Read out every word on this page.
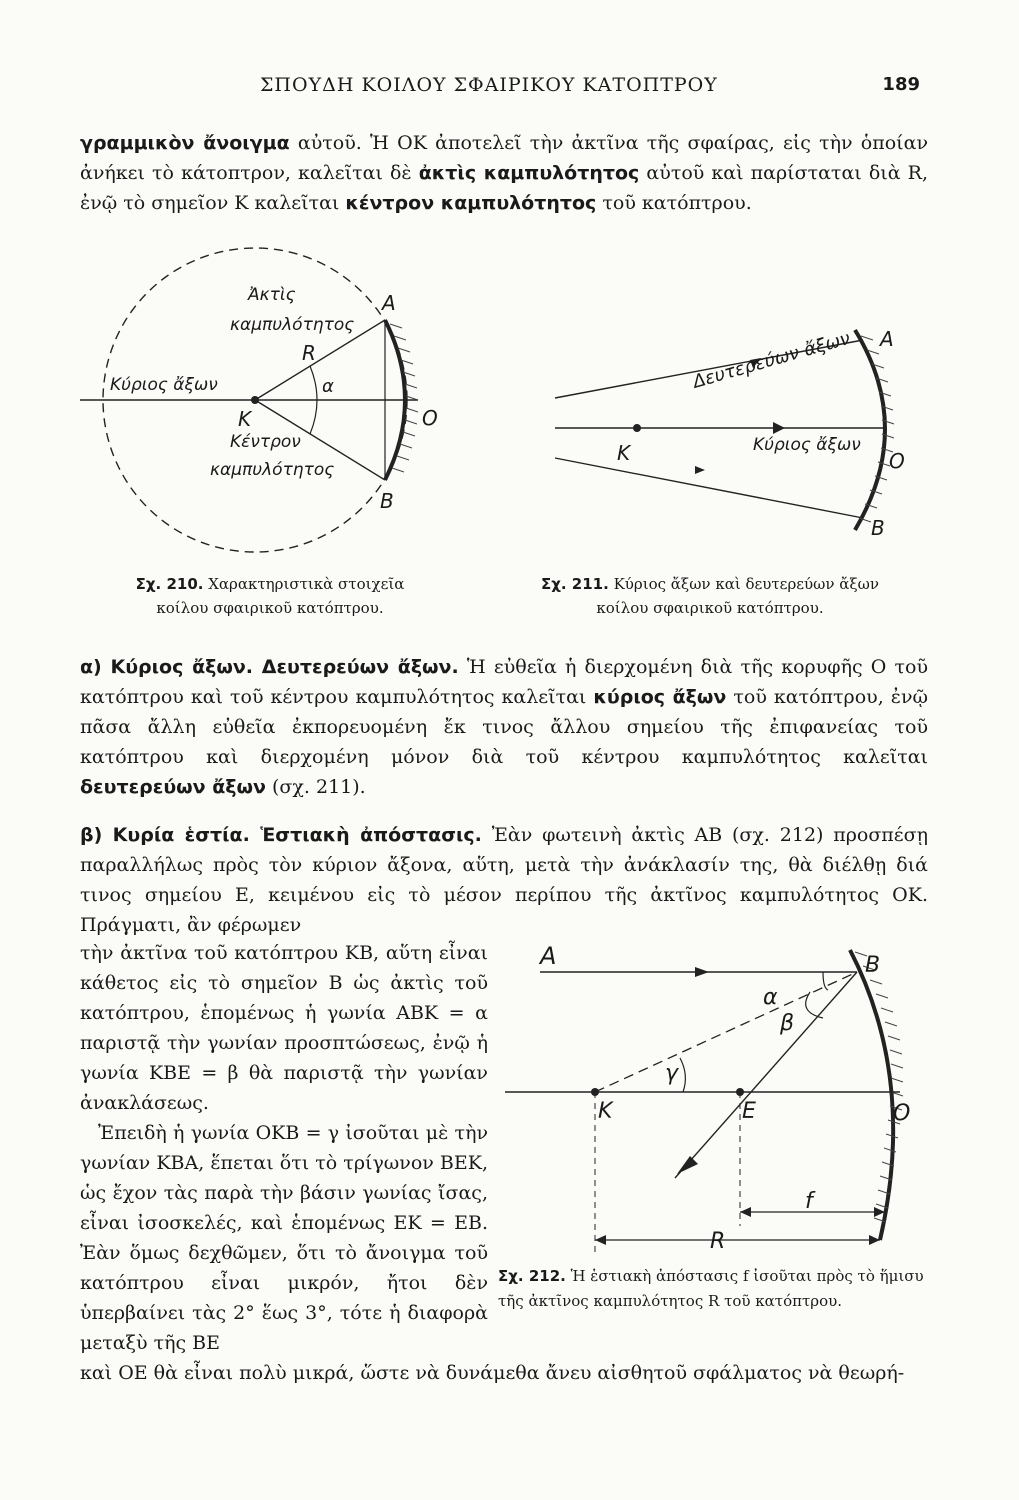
ΣΠΟΥΔΗ ΚΟΙΛΟΥ ΣΦΑΙΡΙΚΟΥ ΚΑΤΟΠΤΡΟΥ	189
γραμμικὸν ἄνοιγμα αὐτοῦ. Ἡ ΟΚ ἀποτελεῖ τὴν ἀκτῖνα τῆς σφαίρας, εἰς τὴν ὁποίαν ἀνήκει τὸ κάτοπτρον, καλεῖται δὲ ἀκτὶς καμπυλότητος αὐτοῦ καὶ παρίσταται διὰ R, ἐνῷ τὸ σημεῖον Κ καλεῖται κέντρον καμπυλότητος τοῦ κατόπτρου.
Ἀκτὶς
καμπυλότητος
R
Κύριος ἄξων	α
Κ
Κέντρον
καμπυλότητος
Α
Ο
Β
Δευτερεύων ἄξων
Κύριος ἄξων
Κ
Α
Ο
Β
Σχ. 210. Χαρακτηριστικὰ στοιχεῖα
κοίλου σφαιρικοῦ κατόπτρου.
Σχ. 211. Κύριος ἄξων καὶ δευτερεύων ἄξων
κοίλου σφαιρικοῦ κατόπτρου.
α) Κύριος ἄξων. Δευτερεύων ἄξων. Ἡ εὐθεῖα ἡ διερχομένη διὰ τῆς κορυφῆς Ο τοῦ κατόπτρου καὶ τοῦ κέντρου καμπυλότητος καλεῖται κύριος ἄξων τοῦ κατόπτρου, ἐνῷ πᾶσα ἄλλη εὐθεῖα ἐκπορευομένη ἔκ τινος ἄλλου σημείου τῆς ἐπιφανείας τοῦ κατόπτρου καὶ διερχομένη μόνον διὰ τοῦ κέντρου καμπυλότητος καλεῖται δευτερεύων ἄξων (σχ. 211).
β) Κυρία ἑστία. Ἑστιακὴ ἀπόστασις. Ἐὰν φωτεινὴ ἀκτὶς ΑΒ (σχ. 212) προσπέσῃ παραλλήλως πρὸς τὸν κύριον ἄξονα, αὕτη, μετὰ τὴν ἀνάκλασίν της, θὰ διέλθῃ διά τινος σημείου Ε, κειμένου εἰς τὸ μέσον περίπου τῆς ἀκτῖνος καμπυλότητος ΟΚ. Πράγματι, ἂν φέρωμεν
τὴν ἀκτῖνα τοῦ κατόπτρου ΚΒ, αὕτη εἶναι κάθετος εἰς τὸ σημεῖον Β ὡς ἀκτὶς τοῦ κατόπτρου, ἑπομένως ἡ γωνία ΑΒΚ = α παριστᾷ τὴν γωνίαν προσπτώσεως, ἐνῷ ἡ γωνία ΚΒΕ = β θὰ παριστᾷ τὴν γωνίαν ἀνακλάσεως.
Ἐπειδὴ ἡ γωνία ΟΚΒ = γ ἰσοῦται μὲ τὴν γωνίαν ΚΒΑ, ἕπεται ὅτι τὸ τρίγωνον ΒΕΚ, ὡς ἔχον τὰς παρὰ τὴν βάσιν γωνίας ἴσας, εἶναι ἰσοσκελές, καὶ ἑπομένως ΕΚ = ΕΒ. Ἐὰν ὅμως δεχθῶμεν, ὅτι τὸ ἄνοιγμα τοῦ κατόπτρου εἶναι μικρόν, ἤτοι δὲν ὑπερβαίνει τὰς 2° ἕως 3°, τότε ἡ διαφορὰ μεταξὺ τῆς ΒΕ
Α	Β
α
β
γ
Κ	Ε	Ο
f
R
Σχ. 212. Ἡ ἑστιακὴ ἀπόστασις f ἰσοῦται πρὸς τὸ ἥμισυ τῆς ἀκτῖνος καμπυλότητος R τοῦ κατόπτρου.
καὶ ΟΕ θὰ εἶναι πολὺ μικρά, ὥστε νὰ δυνάμεθα ἄνευ αἰσθητοῦ σφάλματος νὰ θεωρή-
